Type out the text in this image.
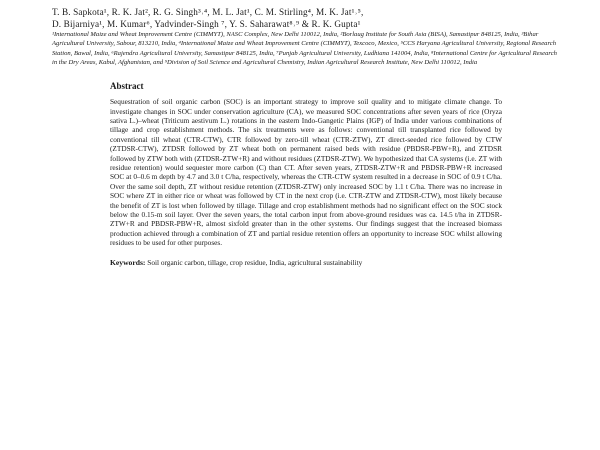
T. B. Sapkota¹, R. K. Jat², R. G. Singh³˒⁴, M. L. Jat¹, C. M. Stirling⁴, M. K. Jat¹˒⁵,
D. Bijarniya¹, M. Kumar⁶, Yadvinder-Singh ⁷, Y. S. Saharawat⁸˒⁹ & R. K. Gupta¹

¹International Maize and Wheat Improvement Centre (CIMMYT), NASC Complex, New Delhi 110012, India, ²Borlaug Institute for South Asia (BISA), Samastipur 848125, India, ³Bihar Agricultural University, Sabour, 813210, India, ⁴International Maize and Wheat Improvement Centre (CIMMYT), Texcoco, Mexico, ⁵CCS Haryana Agricultural University, Regional Research Station, Bawal, India, ⁶Rajendra Agricultural University, Samastipur 848125, India, ⁷Punjab Agricultural University, Ludhiana 141004, India, ⁸International Centre for Agricultural Research in the Dry Areas, Kabul, Afghanistan, and ⁹Division of Soil Science and Agricultural Chemistry, Indian Agricultural Research Institute, New Delhi 110012, India

Abstract

Sequestration of soil organic carbon (SOC) is an important strategy to improve soil quality and to mitigate climate change. To investigate changes in SOC under conservation agriculture (CA), we measured SOC concentrations after seven years of rice (Oryza sativa L.)–wheat (Triticum aestivum L.) rotations in the eastern Indo-Gangetic Plains (IGP) of India under various combinations of tillage and crop establishment methods. The six treatments were as follows: conventional till transplanted rice followed by conventional till wheat (CTR-CTW), CTR followed by zero-till wheat (CTR-ZTW), ZT direct-seeded rice followed by CTW (ZTDSR-CTW), ZTDSR followed by ZT wheat both on permanent raised beds with residue (PBDSR-PBW+R), and ZTDSR followed by ZTW both with (ZTDSR-ZTW+R) and without residues (ZTDSR-ZTW). We hypothesized that CA systems (i.e. ZT with residue retention) would sequester more carbon (C) than CT. After seven years, ZTDSR-ZTW+R and PBDSR-PBW+R increased SOC at 0–0.6 m depth by 4.7 and 3.0 t C/ha, respectively, whereas the CTR-CTW system resulted in a decrease in SOC of 0.9 t C/ha. Over the same soil depth, ZT without residue retention (ZTDSR-ZTW) only increased SOC by 1.1 t C/ha. There was no increase in SOC where ZT in either rice or wheat was followed by CT in the next crop (i.e. CTR-ZTW and ZTDSR-CTW), most likely because the benefit of ZT is lost when followed by tillage. Tillage and crop establishment methods had no significant effect on the SOC stock below the 0.15-m soil layer. Over the seven years, the total carbon input from above-ground residues was ca. 14.5 t/ha in ZTDSR-ZTW+R and PBDSR-PBW+R, almost sixfold greater than in the other systems. Our findings suggest that the increased biomass production achieved through a combination of ZT and partial residue retention offers an opportunity to increase SOC whilst allowing residues to be used for other purposes.

Keywords: Soil organic carbon, tillage, crop residue, India, agricultural sustainability
